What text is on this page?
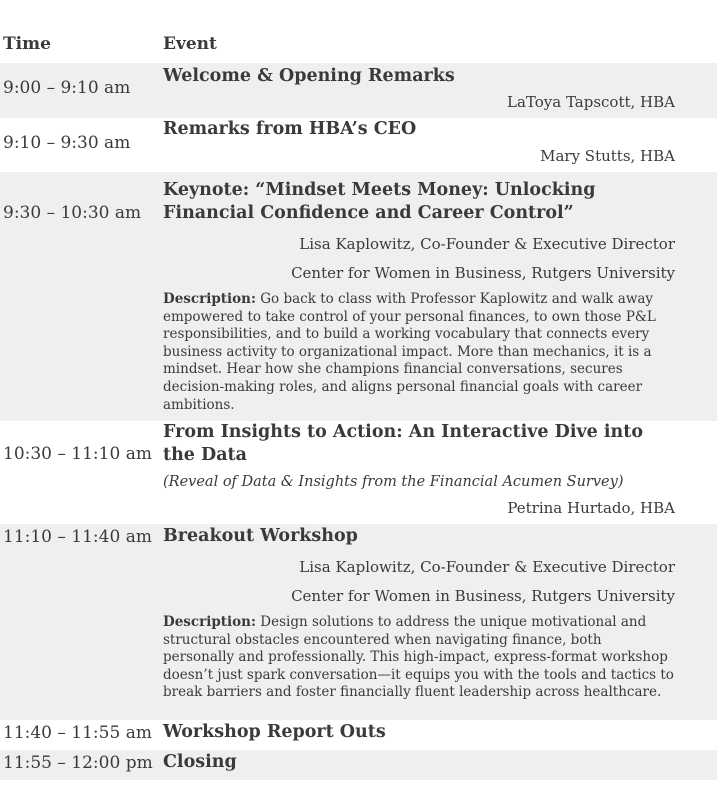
Time	Event
9:00 – 9:10 am

Welcome & Opening Remarks

LaToya Tapscott, HBA

9:10 – 9:30 am

Remarks from HBA’s CEO

Mary Stutts, HBA

9:30 – 10:30 am

Keynote: “Mindset Meets Money: Unlocking Financial Confidence and Career Control”

Lisa Kaplowitz, Co-Founder & Executive Director

Center for Women in Business, Rutgers University

Description: Go back to class with Professor Kaplowitz and walk away empowered to take control of your personal finances, to own those P&L responsibilities, and to build a working vocabulary that connects every business activity to organizational impact. More than mechanics, it is a mindset. Hear how she champions financial conversations, secures decision-making roles, and aligns personal financial goals with career ambitions.

10:30 – 11:10 am

From Insights to Action: An Interactive Dive into the Data

(Reveal of Data & Insights from the Financial Acumen Survey)

Petrina Hurtado, HBA

11:10 – 11:40 am Breakout Workshop

Lisa Kaplowitz, Co-Founder & Executive Director

Center for Women in Business, Rutgers University

Description: Design solutions to address the unique motivational and structural obstacles encountered when navigating finance, both personally and professionally. This high-impact, express-format workshop doesn’t just spark conversation—it equips you with the tools and tactics to break barriers and foster financially fluent leadership across healthcare.

11:40 – 11:55 am Workshop Report Outs

11:55 – 12:00 pm Closing
